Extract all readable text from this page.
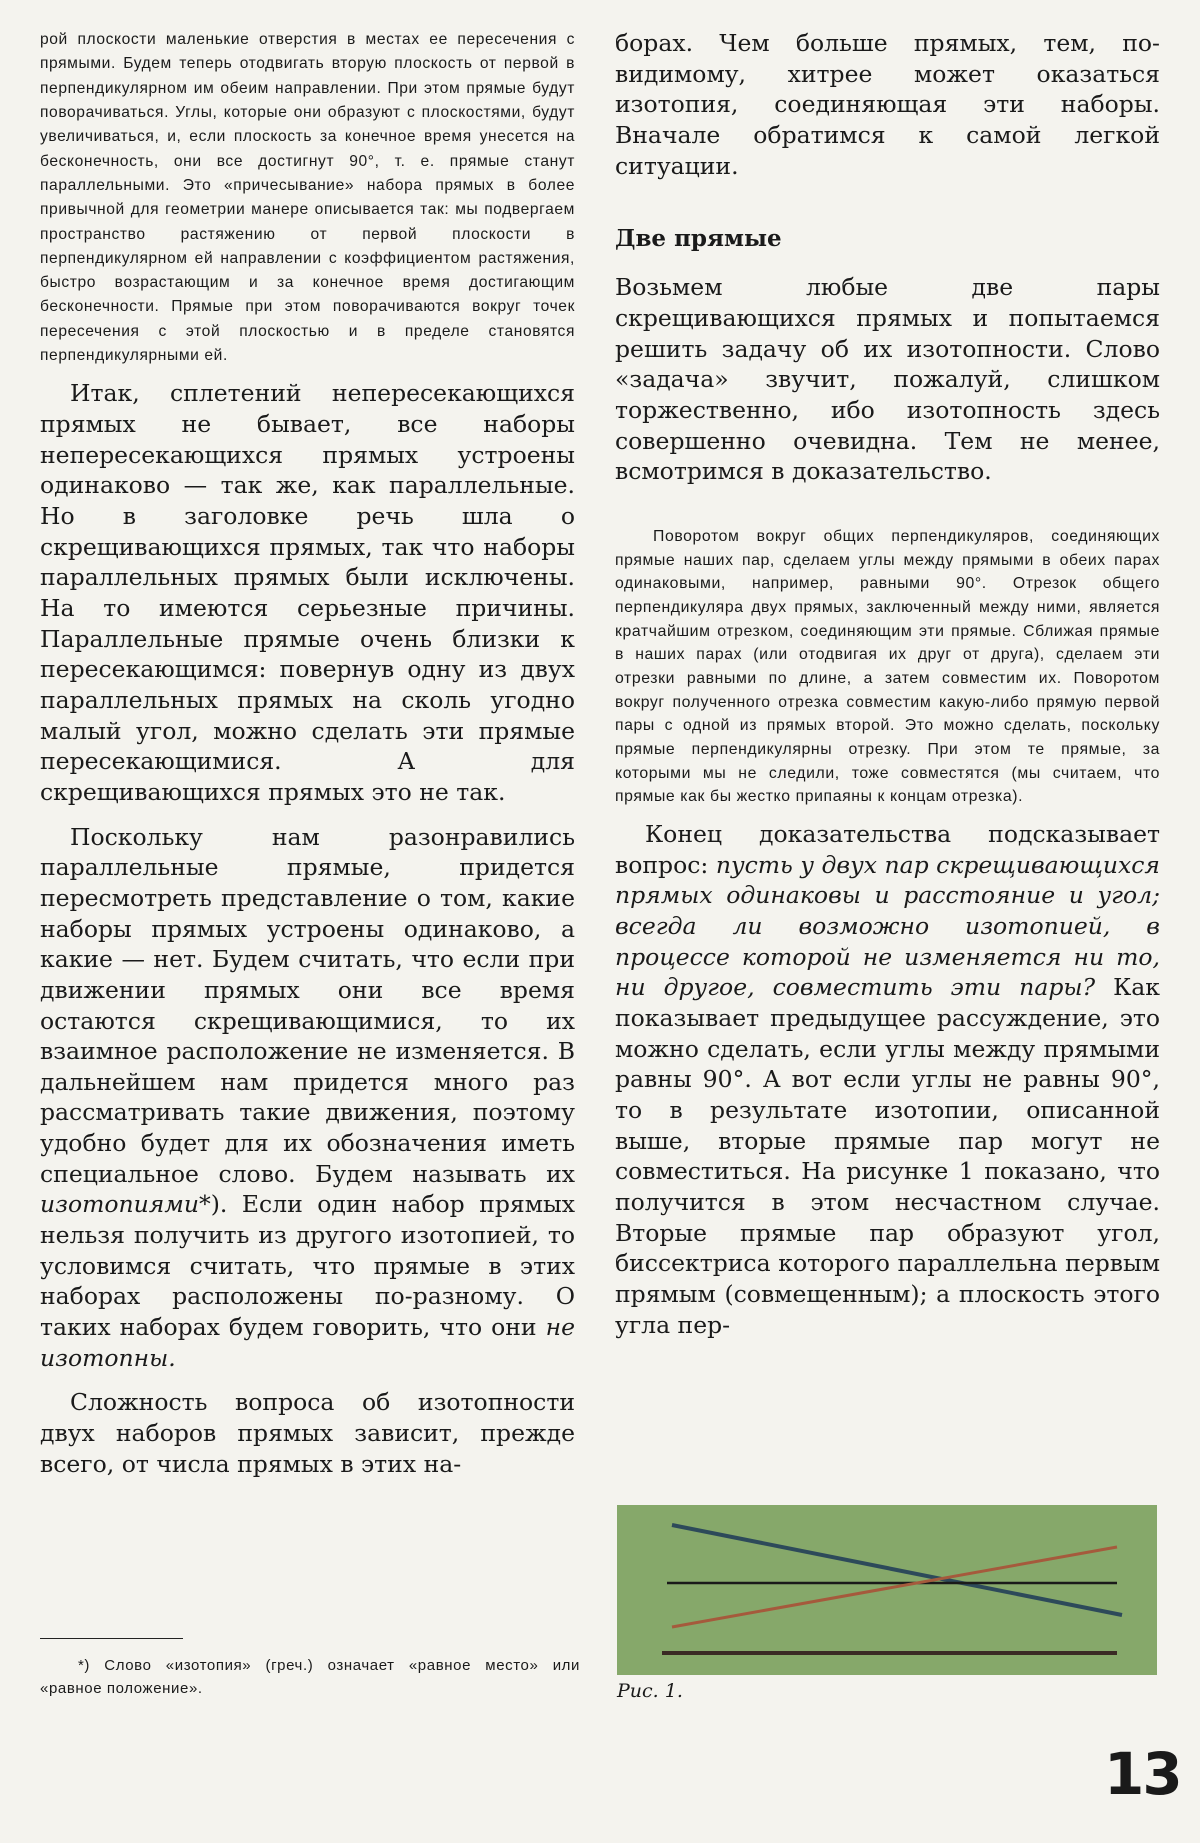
рой плоскости маленькие отверстия в местах ее пересечения с прямыми. Будем теперь отодвигать вторую плоскость от первой в перпендикулярном им обеим направлении. При этом прямые будут поворачиваться. Углы, которые они образуют с плоскостями, будут увеличиваться, и, если плоскость за конечное время унесется на бесконечность, они все достигнут 90°, т. е. прямые станут параллельными. Это «причесывание» набора прямых в более привычной для геометрии манере описывается так: мы подвергаем пространство растяжению от первой плоскости в перпендикулярном ей направлении с коэффициентом растяжения, быстро возрастающим и за конечное время достигающим бесконечности. Прямые при этом поворачиваются вокруг точек пересечения с этой плоскостью и в пределе становятся перпендикулярными ей.

Итак, сплетений непересекающихся прямых не бывает, все наборы непересекающихся прямых устроены одинаково — так же, как параллельные. Но в заголовке речь шла о скрещивающихся прямых, так что наборы параллельных прямых были исключены. На то имеются серьезные причины. Параллельные прямые очень близки к пересекающимся: повернув одну из двух параллельных прямых на сколь угодно малый угол, можно сделать эти прямые пересекающимися. А для скрещивающихся прямых это не так.

Поскольку нам разонравились параллельные прямые, придется пересмотреть представление о том, какие наборы прямых устроены одинаково, а какие — нет. Будем считать, что если при движении прямых они все время остаются скрещивающимися, то их взаимное расположение не изменяется. В дальнейшем нам придется много раз рассматривать такие движения, поэтому удобно будет для их обозначения иметь специальное слово. Будем называть их изотопиями*). Если один набор прямых нельзя получить из другого изотопией, то условимся считать, что прямые в этих наборах расположены по-разному. О таких наборах будем говорить, что они не изотопны.

Сложность вопроса об изотопности двух наборов прямых зависит, прежде всего, от числа прямых в этих на-

*) Слово «изотопия» (греч.) означает «равное место» или «равное положение».

борах. Чем больше прямых, тем, по-видимому, хитрее может оказаться изотопия, соединяющая эти наборы. Вначале обратимся к самой легкой ситуации.

Две прямые

Возьмем любые две пары скрещивающихся прямых и попытаемся решить задачу об их изотопности. Слово «задача» звучит, пожалуй, слишком торжественно, ибо изотопность здесь совершенно очевидна. Тем не менее, всмотримся в доказательство.

Поворотом вокруг общих перпендикуляров, соединяющих прямые наших пар, сделаем углы между прямыми в обеих парах одинаковыми, например, равными 90°. Отрезок общего перпендикуляра двух прямых, заключенный между ними, является кратчайшим отрезком, соединяющим эти прямые. Сближая прямые в наших парах (или отодвигая их друг от друга), сделаем эти отрезки равными по длине, а затем совместим их. Поворотом вокруг полученного отрезка совместим какую-либо прямую первой пары с одной из прямых второй. Это можно сделать, поскольку прямые перпендикулярны отрезку. При этом те прямые, за которыми мы не следили, тоже совместятся (мы считаем, что прямые как бы жестко припаяны к концам отрезка).

Конец доказательства подсказывает вопрос: пусть у двух пар скрещивающихся прямых одинаковы и расстояние и угол; всегда ли возможно изотопией, в процессе которой не изменяется ни то, ни другое, совместить эти пары? Как показывает предыдущее рассуждение, это можно сделать, если углы между прямыми равны 90°. А вот если углы не равны 90°, то в результате изотопии, описанной выше, вторые прямые пар могут не совместиться. На рисунке 1 показано, что получится в этом несчастном случае. Вторые прямые пар образуют угол, биссектриса которого параллельна первым прямым (совмещенным); а плоскость этого угла пер-

Рис. 1.
13
